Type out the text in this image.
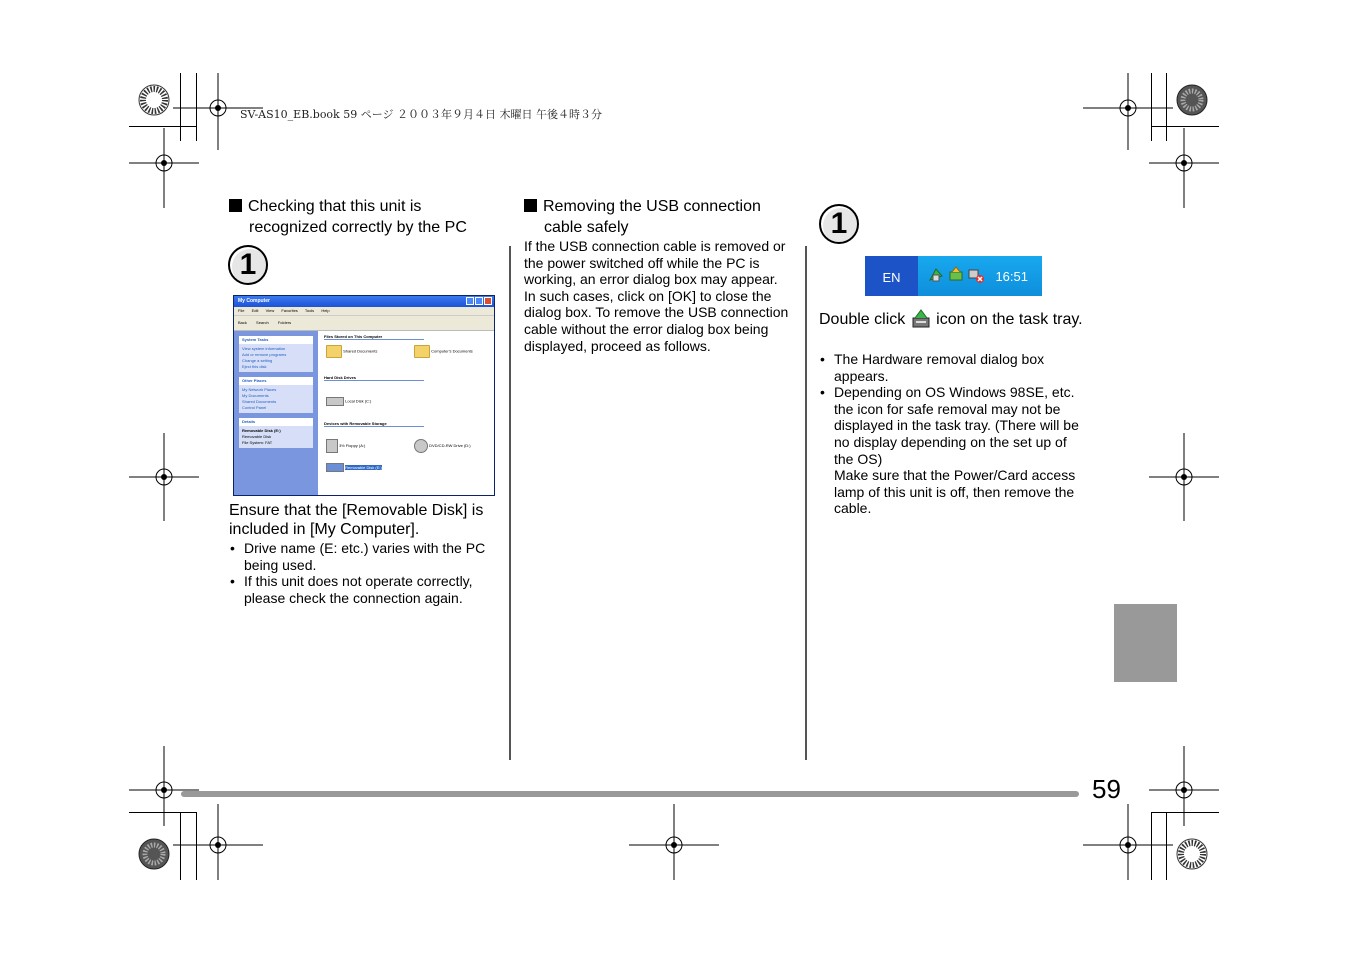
SV-AS10_EB.book 59 ページ ２００３年９月４日 木曜日 午後４時３分
Checking that this unit is
recognized correctly by the PC
1
My Computer
File Edit View Favorites Tools Help
Back Search Folders
System Tasks
View system information
Add or remove programs
Change a setting
Eject this disk
Other Places
My Network Places
My Documents
Shared Documents
Control Panel
Details
Removable Disk (E:)
Removable Disk
File System: FAT
Files Stored on This Computer
Shared Documents	Computer's Documents
Hard Disk Drives
Local Disk (C:)
Devices with Removable Storage
3½ Floppy (A:)	DVD/CD-RW Drive (D:)
Removable Disk (E:)
Ensure that the [Removable Disk] is included in [My Computer].
• Drive name (E: etc.) varies with the PC being used.
• If this unit does not operate correctly, please check the connection again.
Removing the USB connection
cable safely
If the USB connection cable is removed or the power switched off while the PC is working, an error dialog box may appear. In such cases, click on [OK] to close the dialog box. To remove the USB connection cable without the error dialog box being displayed, proceed as follows.
1
EN	16:51
Double click icon on the task tray.
• The Hardware removal dialog box appears.
• Depending on OS Windows 98SE, etc. the icon for safe removal may not be displayed in the task tray. (There will be no display depending on the set up of the OS)
Make sure that the Power/Card access lamp of this unit is off, then remove the cable.
59
